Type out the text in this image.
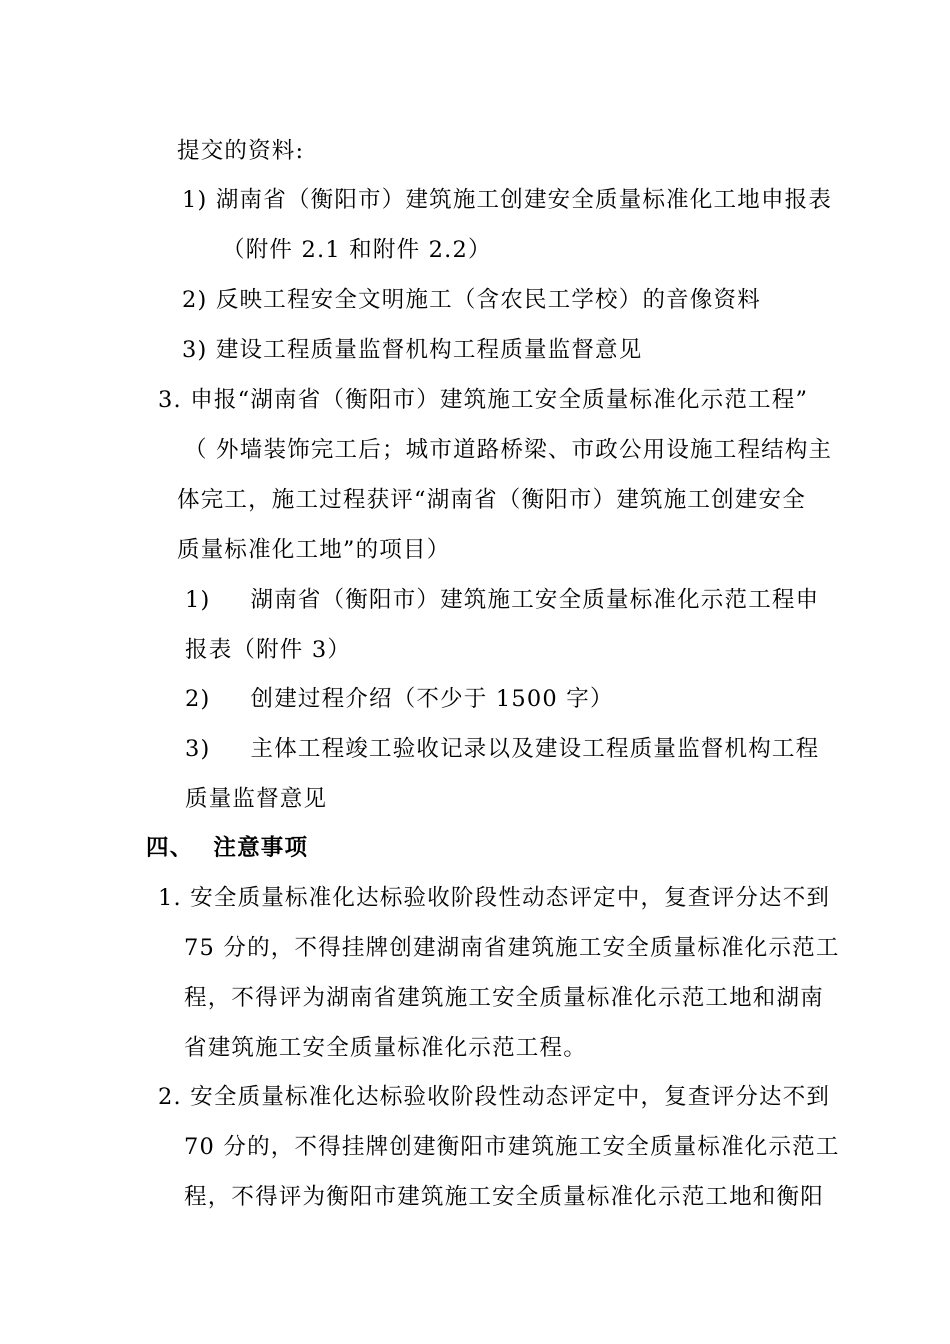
提交的资料:
1) 湖南省（衡阳市）建筑施工创建安全质量标准化工地申报表
（附件 2.1 和附件 2.2）
2) 反映工程安全文明施工（含农民工学校）的音像资料
3) 建设工程质量监督机构工程质量监督意见
3. 申报“湖南省（衡阳市）建筑施工安全质量标准化示范工程”
（ 外墙装饰完工后；城市道路桥梁、市政公用设施工程结构主
体完工，施工过程获评“湖南省（衡阳市）建筑施工创建安全
质量标准化工地”的项目）
1) 湖南省（衡阳市）建筑施工安全质量标准化示范工程申
报表（附件 3）
2) 创建过程介绍（不少于 1500 字）
3) 主体工程竣工验收记录以及建设工程质量监督机构工程
质量监督意见
四、 注意事项
1. 安全质量标准化达标验收阶段性动态评定中，复查评分达不到
75 分的，不得挂牌创建湖南省建筑施工安全质量标准化示范工
程，不得评为湖南省建筑施工安全质量标准化示范工地和湖南
省建筑施工安全质量标准化示范工程。
2. 安全质量标准化达标验收阶段性动态评定中，复查评分达不到
70 分的，不得挂牌创建衡阳市建筑施工安全质量标准化示范工
程，不得评为衡阳市建筑施工安全质量标准化示范工地和衡阳
